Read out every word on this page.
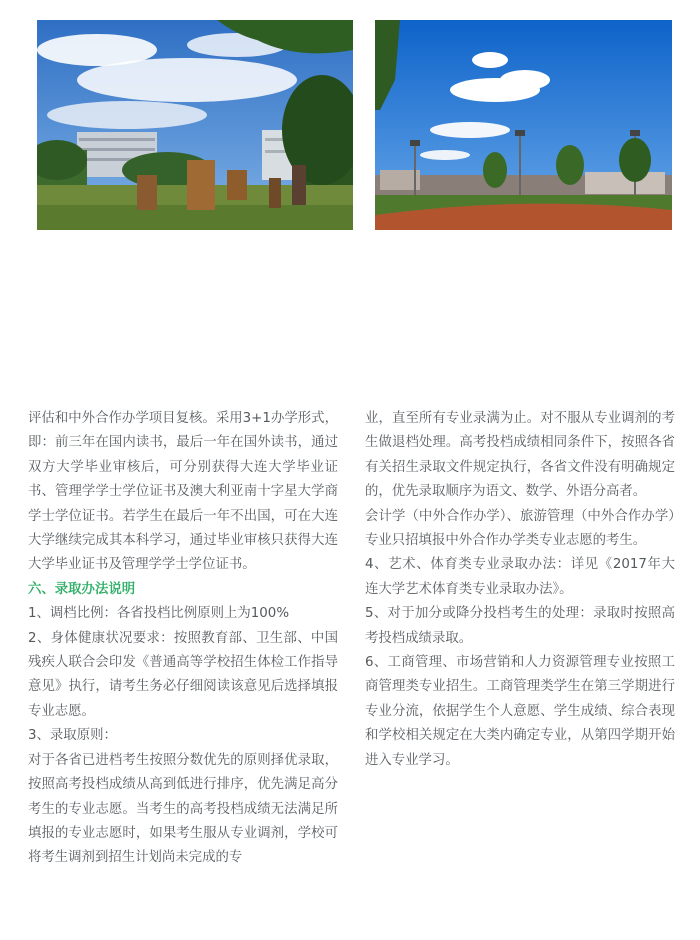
评估和中外合作办学项目复核。采用3+1办学形式，即：前三年在国内读书，最后一年在国外读书，通过双方大学毕业审核后，可分别获得大连大学毕业证书、管理学学士学位证书及澳大利亚南十字星大学商学士学位证书。若学生在最后一年不出国，可在大连大学继续完成其本科学习，通过毕业审核只获得大连大学毕业证书及管理学学士学位证书。

六、录取办法说明

1、调档比例：各省投档比例原则上为100%

2、身体健康状况要求：按照教育部、卫生部、中国残疾人联合会印发《普通高等学校招生体检工作指导意见》执行，请考生务必仔细阅读该意见后选择填报专业志愿。

3、录取原则：

对于各省已进档考生按照分数优先的原则择优录取，按照高考投档成绩从高到低进行排序，优先满足高分考生的专业志愿。当考生的高考投档成绩无法满足所填报的专业志愿时，如果考生服从专业调剂，学校可将考生调剂到招生计划尚未完成的专

业，直至所有专业录满为止。对不服从专业调剂的考生做退档处理。高考投档成绩相同条件下，按照各省有关招生录取文件规定执行，各省文件没有明确规定的，优先录取顺序为语文、数学、外语分高者。

会计学（中外合作办学）、旅游管理（中外合作办学）专业只招填报中外合作办学类专业志愿的考生。

4、艺术、体育类专业录取办法：详见《2017年大连大学艺术体育类专业录取办法》。

5、对于加分或降分投档考生的处理：录取时按照高考投档成绩录取。

6、工商管理、市场营销和人力资源管理专业按照工商管理类专业招生。工商管理类学生在第三学期进行专业分流，依据学生个人意愿、学生成绩、综合表现和学校相关规定在大类内确定专业，从第四学期开始进入专业学习。
